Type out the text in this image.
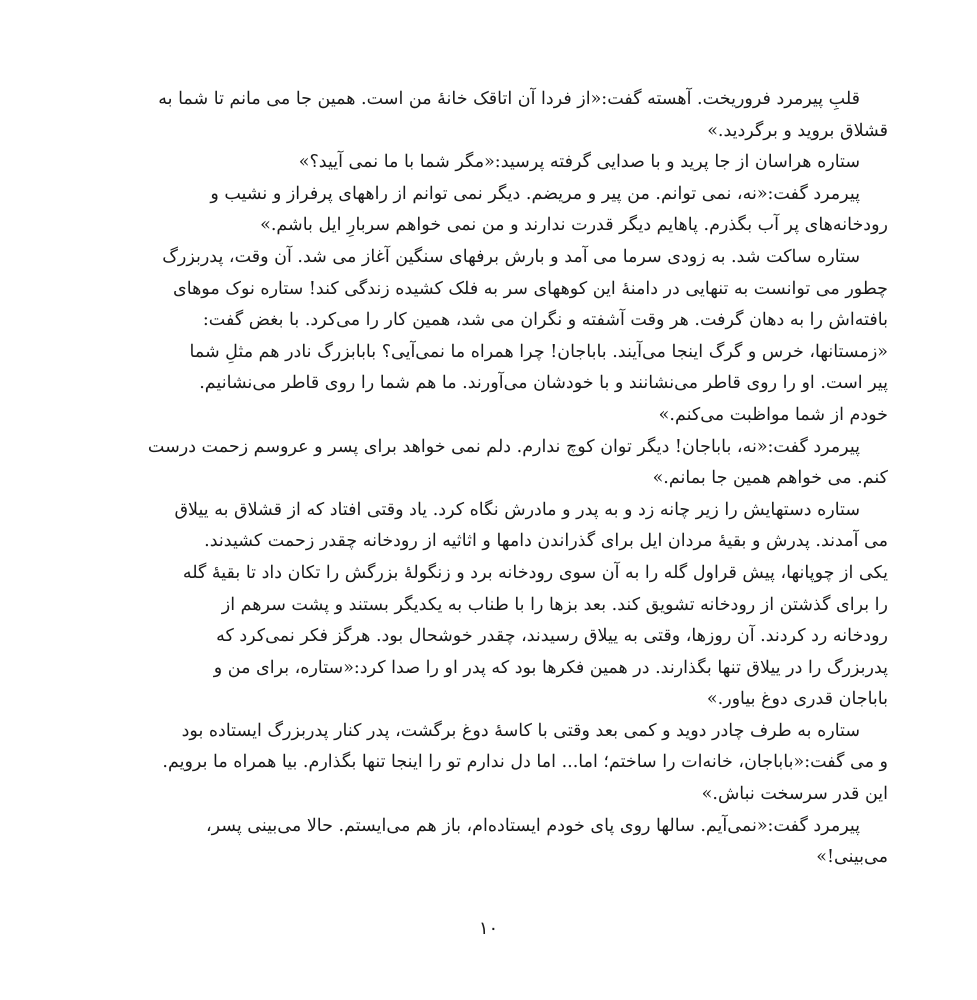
قلبِ پیرمرد فروریخت. آهسته گفت:«از فردا آن اتاقک خانهٔ من است. همین جا می مانم تا شما به
قشلاق بروید و برگردید.»
ستاره هراسان از جا پرید و با صدایی گرفته پرسید:«مگر شما با ما نمی آیید؟»
پیرمرد گفت:«نه، نمی توانم. من پیر و مریضم. دیگر نمی توانم از راههای پرفراز و نشیب و
رودخانه‌های پر آب بگذرم. پاهایم دیگر قدرت ندارند و من نمی خواهم سربارِ ایل باشم.»
ستاره ساکت شد. به زودی سرما می آمد و بارش برفهای سنگین آغاز می شد. آن وقت، پدربزرگ
چطور می توانست به تنهایی در دامنهٔ این کوههای سر به فلک کشیده زندگی کند! ستاره نوک موهای
بافته‌اش را به دهان گرفت. هر وقت آشفته و نگران می شد، همین کار را می‌کرد. با بغض گفت:
«زمستانها، خرس و گرگ اینجا می‌آیند. باباجان! چرا همراه ما نمی‌آیی؟ بابابزرگ نادر هم مثلِ شما
پیر است. او را روی قاطر می‌نشانند و با خودشان می‌آورند. ما هم شما را روی قاطر می‌نشانیم.
خودم از شما مواظبت می‌کنم.»
پیرمرد گفت:«نه، باباجان! دیگر توان کوچ ندارم. دلم نمی خواهد برای پسر و عروسم زحمت درست
کنم. می خواهم همین جا بمانم.»
ستاره دستهایش را زیر چانه زد و به پدر و مادرش نگاه کرد. یاد وقتی افتاد که از قشلاق به ییلاق
می آمدند. پدرش و بقیهٔ مردان ایل برای گذراندن دامها و اثاثیه از رودخانه چقدر زحمت کشیدند.
یکی از چوپانها، پیش قراول گله را به آن سوی رودخانه برد و زنگولهٔ بزرگش را تکان داد تا بقیهٔ گله
را برای گذشتن از رودخانه تشویق کند. بعد بزها را با طناب به یکدیگر بستند و پشت سرهم از
رودخانه رد کردند. آن روزها، وقتی به ییلاق رسیدند، چقدر خوشحال بود. هرگز فکر نمی‌کرد که
پدربزرگ را در ییلاق تنها بگذارند. در همین فکرها بود که پدر او را صدا کرد:«ستاره، برای من و
باباجان قدری دوغ بیاور.»
ستاره به طرف چادر دوید و کمی بعد وقتی با کاسهٔ دوغ برگشت، پدر کنار پدربزرگ ایستاده بود
و می گفت:«باباجان، خانه‌ات را ساختم؛ اما... اما دل ندارم تو را اینجا تنها بگذارم. بیا همراه ما برویم.
این قدر سرسخت نباش.»
پیرمرد گفت:«نمی‌آیم. سالها روی پای خودم ایستاده‌ام، باز هم می‌ایستم. حالا می‌بینی پسر،
می‌بینی!»
۱۰
